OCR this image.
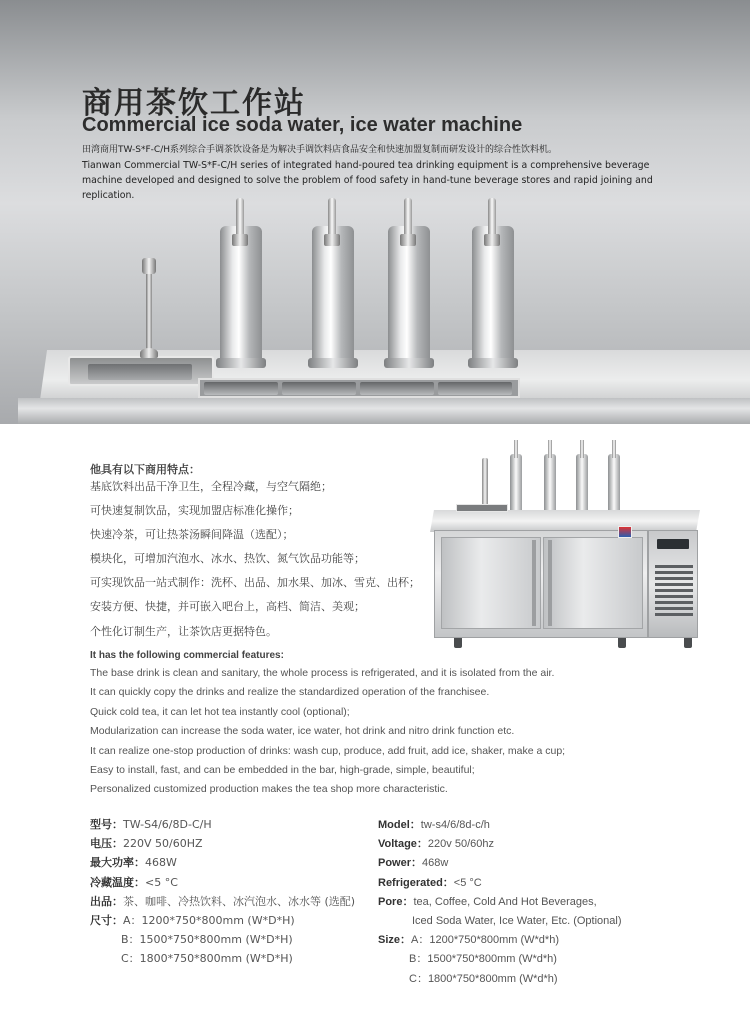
商用茶饮工作站
Commercial ice soda water, ice water machine

田湾商用TW-S*F-C/H系列综合手调茶饮设备是为解决手调饮料店食品安全和快速加盟复制而研发设计的综合性饮料机。

Tianwan Commercial TW-S*F-C/H series of integrated hand-poured tea drinking equipment is a comprehensive beverage machine developed and designed to solve the problem of food safety in hand-tune beverage stores and rapid joining and replication.

他具有以下商用特点：
基底饮料出品干净卫生，全程冷藏，与空气隔绝；
可快速复制饮品，实现加盟店标准化操作；
快速冷茶，可让热茶汤瞬间降温（选配）；
模块化，可增加汽泡水、冰水、热饮、氮气饮品功能等；
可实现饮品一站式制作：洗杯、出品、加水果、加冰、雪克、出杯；
安装方便、快捷，并可嵌入吧台上，高档、简洁、美观；
个性化订制生产，让茶饮店更据特色。
It has the following commercial features:
The base drink is clean and sanitary, the whole process is refrigerated, and it is isolated from the air.
It can quickly copy the drinks and realize the standardized operation of the franchisee.
Quick cold tea, it can let hot tea instantly cool (optional);
Modularization can increase the soda water, ice water, hot drink and nitro drink function etc.
It can realize one-stop production of drinks: wash cup, produce, add fruit, add ice, shaker, make a cup;
Easy to install, fast, and can be embedded in the bar, high-grade, simple, beautiful;
Personalized customized production makes the tea shop more characteristic.
型号：TW-S4/6/8D-C/H
电压：220V 50/60HZ
最大功率：468W
冷藏温度：<5 °C
出品：茶、咖啡、冷热饮料、冰汽泡水、冰水等 (选配)
尺寸：A：1200*750*800mm (W*D*H)
B：1500*750*800mm (W*D*H)
C：1800*750*800mm (W*D*H)
Model：tw-s4/6/8d-c/h
Voltage：220v 50/60hz
Power：468w
Refrigerated：<5 °C
Pore：tea, Coffee, Cold And Hot Beverages,
Iced Soda Water, Ice Water, Etc. (Optional)
Size：A：1200*750*800mm (W*d*h)
B：1500*750*800mm (W*d*h)
C：1800*750*800mm (W*d*h)
